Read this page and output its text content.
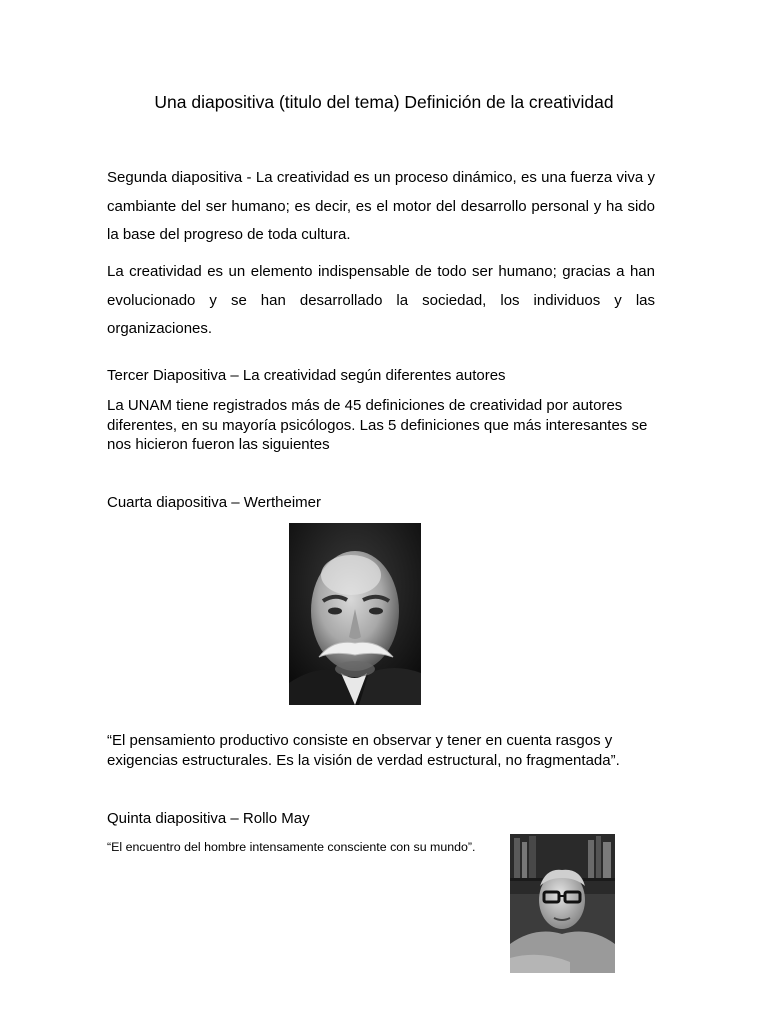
Una diapositiva (titulo del tema) Definición de la creatividad

Segunda diapositiva - La creatividad es un proceso dinámico, es una fuerza viva y cambiante del ser humano; es decir, es el motor del desarrollo personal y ha sido la base del progreso de toda cultura.

La creatividad es un elemento indispensable de todo ser humano; gracias a han evolucionado y se han desarrollado la sociedad, los individuos y las organizaciones.

Tercer Diapositiva – La creatividad según diferentes autores

La UNAM tiene registrados más de 45 definiciones de creatividad por autores diferentes, en su mayoría psicólogos. Las 5 definiciones que más interesantes se nos hicieron fueron las siguientes

Cuarta diapositiva – Wertheimer

“El pensamiento productivo consiste en observar y tener en cuenta rasgos y exigencias estructurales. Es la visión de verdad estructural, no fragmentada”.

Quinta diapositiva – Rollo May

“El encuentro del hombre intensamente consciente con su mundo”.
